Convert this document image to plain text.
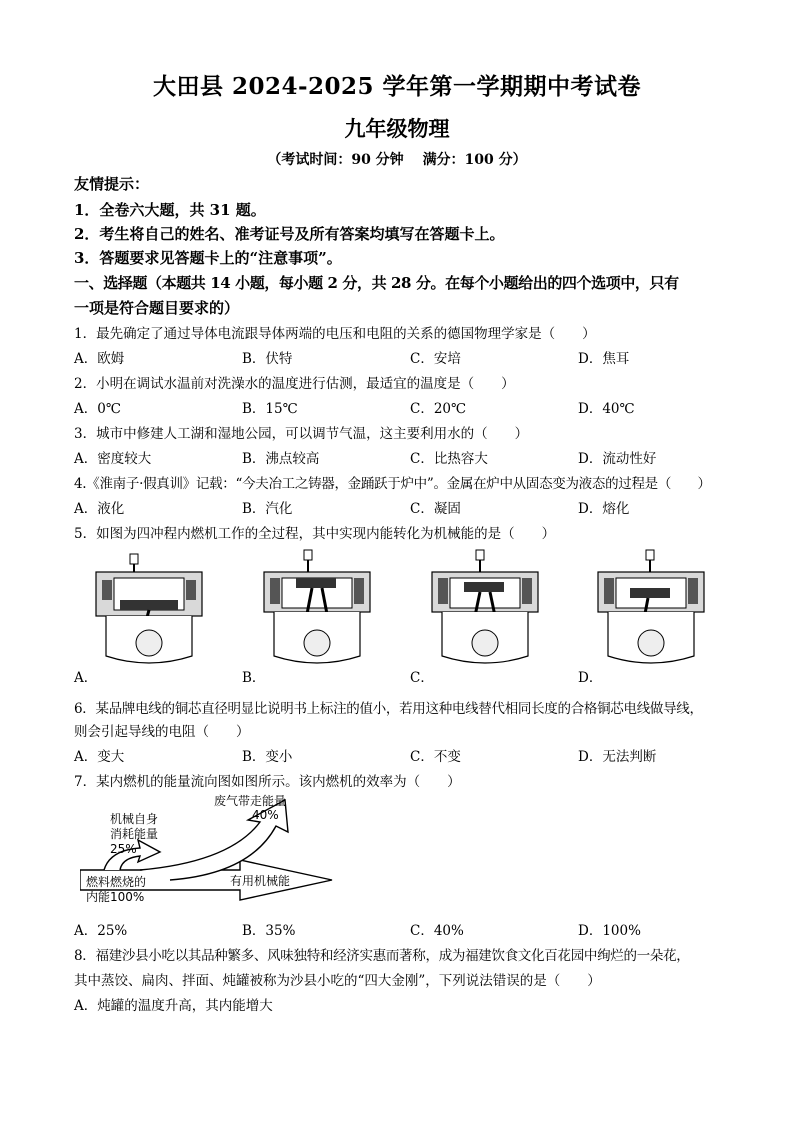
大田县 2024-2025 学年第一学期期中考试卷
九年级物理
（考试时间：90 分钟 满分：100 分）
友情提示：
1．全卷六大题，共 31 题。
2．考生将自己的姓名、准考证号及所有答案均填写在答题卡上。
3．答题要求见答题卡上的“注意事项”。
一、选择题（本题共 14 小题，每小题 2 分，共 28 分。在每个小题给出的四个选项中，只有
一项是符合题目要求的）
1．最先确定了通过导体电流跟导体两端的电压和电阻的关系的德国物理学家是（　　）
A．欧姆	B．伏特	C．安培	D．焦耳
2．小明在调试水温前对洗澡水的温度进行估测，最适宜的温度是（　　）
A．0℃	B．15℃	C．20℃	D．40℃
3．城市中修建人工湖和湿地公园，可以调节气温，这主要利用水的（　　）
A．密度较大	B．沸点较高	C．比热容大	D．流动性好
4.《淮南子·假真训》记载：“今夫冶工之铸器，金踊跃于炉中”。金属在炉中从固态变为液态的过程是（　　）
A．液化	B．汽化	C．凝固	D．熔化
5．如图为四冲程内燃机工作的全过程，其中实现内能转化为机械能的是（　　）
A．	B．	C．	D．
6．某品牌电线的铜芯直径明显比说明书上标注的值小，若用这种电线替代相同长度的合格铜芯电线做导线，
则会引起导线的电阻（　　）
A．变大	B．变小	C．不变	D．无法判断
7．某内燃机的能量流向图如图所示。该内燃机的效率为（　　）
废气带走能量
40%
机械自身
消耗能量
25%
燃料燃烧的
内能100%
有用机械能
A．25%	B．35%	C．40%	D．100%
8．福建沙县小吃以其品种繁多、风味独特和经济实惠而著称，成为福建饮食文化百花园中绚烂的一朵花，
其中蒸饺、扁肉、拌面、炖罐被称为沙县小吃的“四大金刚”，下列说法错误的是（　　）
A．炖罐的温度升高，其内能增大
